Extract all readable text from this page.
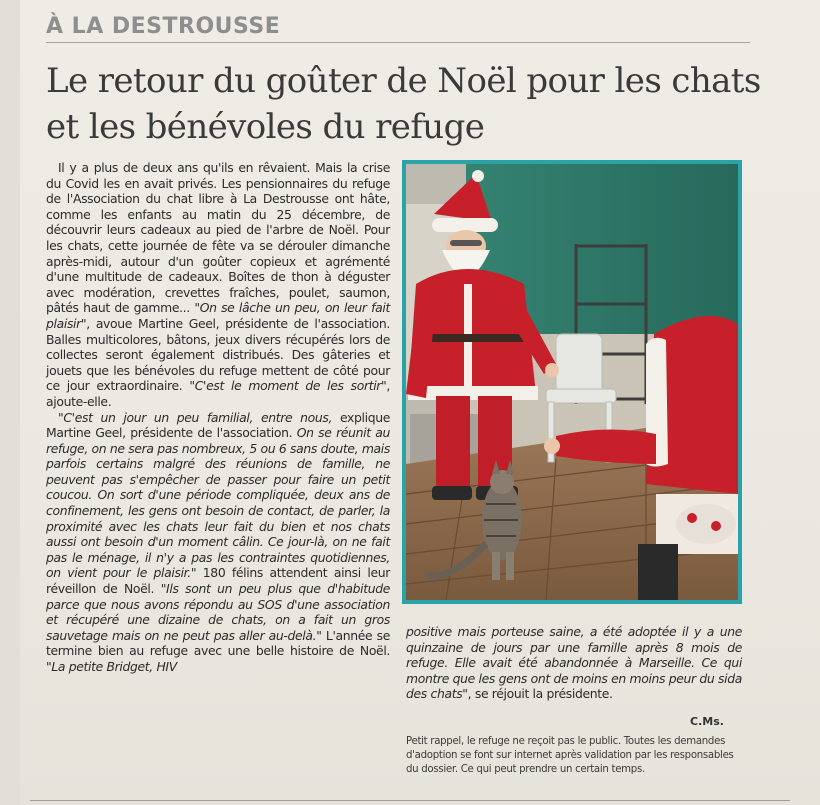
À LA DESTROUSSE
Le retour du goûter de Noël pour les chats et les bénévoles du refuge

Il y a plus de deux ans qu'ils en rêvaient. Mais la crise du Covid les en avait privés. Les pensionnaires du refuge de l'Association du chat libre à La Destrousse ont hâte, comme les enfants au matin du 25 décembre, de découvrir leurs cadeaux au pied de l'arbre de Noël. Pour les chats, cette journée de fête va se dérouler dimanche après-midi, autour d'un goûter copieux et agrémenté d'une multitude de cadeaux. Boîtes de thon à déguster avec modération, crevettes fraîches, poulet, saumon, pâtés haut de gamme... "On se lâche un peu, on leur fait plaisir", avoue Martine Geel, présidente de l'association. Balles multicolores, bâtons, jeux divers récupérés lors de collectes seront également distribués. Des gâteries et jouets que les bénévoles du refuge mettent de côté pour ce jour extraordinaire. "C'est le moment de les sortir", ajoute-elle.

"C'est un jour un peu familial, entre nous, explique Martine Geel, présidente de l'association. On se réunit au refuge, on ne sera pas nombreux, 5 ou 6 sans doute, mais parfois certains malgré des réunions de famille, ne peuvent pas s'empêcher de passer pour faire un petit coucou. On sort d'une période compliquée, deux ans de confinement, les gens ont besoin de contact, de parler, la proximité avec les chats leur fait du bien et nos chats aussi ont besoin d'un moment câlin. Ce jour-là, on ne fait pas le ménage, il n'y a pas les contraintes quotidiennes, on vient pour le plaisir." 180 félins attendent ainsi leur réveillon de Noël. "Ils sont un peu plus que d'habitude parce que nous avons répondu au SOS d'une association et récupéré une dizaine de chats, on a fait un gros sauvetage mais on ne peut pas aller au-delà." L'année se termine bien au refuge avec une belle histoire de Noël. "La petite Bridget, HIV

positive mais porteuse saine, a été adoptée il y a une quinzaine de jours par une famille après 8 mois de refuge. Elle avait été abandonnée à Marseille. Ce qui montre que les gens ont de moins en moins peur du sida des chats", se réjouit la présidente.

C.Ms.
Petit rappel, le refuge ne reçoit pas le public. Toutes les demandes d'adoption se font sur internet après validation par les responsables du dossier. Ce qui peut prendre un certain temps.
